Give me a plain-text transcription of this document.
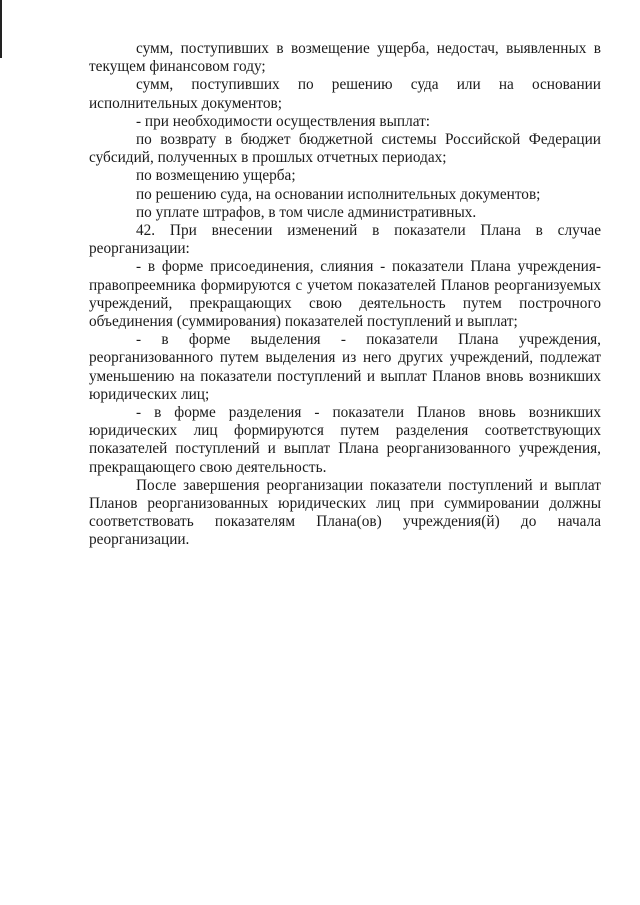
сумм, поступивших в возмещение ущерба, недостач, выявленных в текущем финансовом году;

сумм, поступивших по решению суда или на основании исполнительных документов;

- при необходимости осуществления выплат:

по возврату в бюджет бюджетной системы Российской Федерации субсидий, полученных в прошлых отчетных периодах;

по возмещению ущерба;

по решению суда, на основании исполнительных документов;

по уплате штрафов, в том числе административных.

42. При внесении изменений в показатели Плана в случае реорганизации:

- в форме присоединения, слияния - показатели Плана учреждения-правопреемника формируются с учетом показателей Планов реорганизуемых учреждений, прекращающих свою деятельность путем построчного объединения (суммирования) показателей поступлений и выплат;

- в форме выделения - показатели Плана учреждения, реорганизованного путем выделения из него других учреждений, подлежат уменьшению на показатели поступлений и выплат Планов вновь возникших юридических лиц;

- в форме разделения - показатели Планов вновь возникших юридических лиц формируются путем разделения соответствующих показателей поступлений и выплат Плана реорганизованного учреждения, прекращающего свою деятельность.

После завершения реорганизации показатели поступлений и выплат Планов реорганизованных юридических лиц при суммировании должны соответствовать показателям Плана(ов) учреждения(й) до начала реорганизации.
